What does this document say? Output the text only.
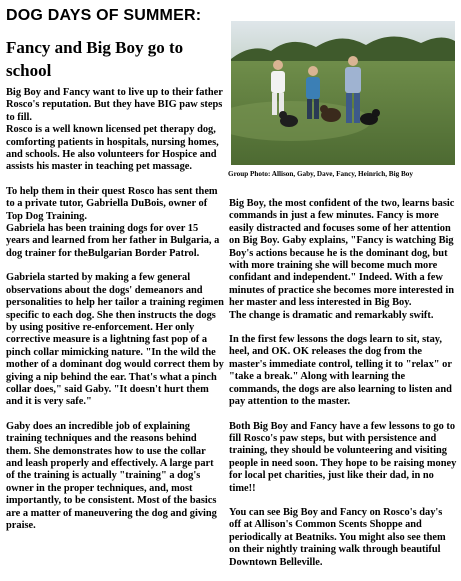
DOG DAYS OF SUMMER:
Fancy and Big Boy go to school

Big Boy and Fancy want to live up to their father Rosco's reputation. But they have BIG paw steps to fill.

Rosco is a well known licensed pet therapy dog, comforting patients in hospitals, nursing homes, and schools. He also volunteers for Hospice and assists his master in teaching pet massage.

To help them in their quest Rosco has sent them to a private tutor, Gabriella DuBois, owner of Top Dog Training.

Gabriela has been training dogs for over 15 years and learned from her father in Bulgaria, a dog trainer for theBulgarian Border Patrol.

Gabriela started by making a few general observations about the dogs' demeanors and personalities to help her tailor a training regimen specific to each dog. She then instructs the dogs by using positive re-enforcement. Her only corrective measure is a lightning fast pop of a pinch collar mimicking nature. "In the wild the mother of a dominant dog would correct them by giving a nip behind the ear. That's what a pinch collar does," said Gaby. "It doesn't hurt them and it is very safe."

Gaby does an incredible job of explaining training techniques and the reasons behind them. She demonstrates how to use the collar and leash properly and effectively. A large part of the training is actually "training" a dog's owner in the proper techniques, and, most importantly, to be consistent. Most of the basics are a matter of maneuvering the dog and giving praise.

Group Photo: Allison, Gaby, Dave, Fancy, Heinrich, Big Boy

Big Boy, the most confident of the two, learns basic commands in just a few minutes. Fancy is more easily distracted and focuses some of her attention on Big Boy. Gaby explains, "Fancy is watching Big Boy's actions because he is the dominant dog, but with more training she will become much more confidant and independent." Indeed. With a few minutes of practice she becomes more interested in her master and less interested in Big Boy.

The change is dramatic and remarkably swift.

In the first few lessons the dogs learn to sit, stay, heel, and OK. OK releases the dog from the master's immediate control, telling it to "relax" or "take a break." Along with learning the commands, the dogs are also learning to listen and pay attention to the master.

Both Big Boy and Fancy have a few lessons to go to fill Rosco's paw steps, but with persistence and training, they should be volunteering and visiting people in need soon. They hope to be raising money for local pet charities, just like their dad, in no time!!

You can see Big Boy and Fancy on Rosco's day's off at Allison's Common Scents Shoppe and periodically at Beatniks. You might also see them on their nightly training walk through beautiful Downtown Belleville.
